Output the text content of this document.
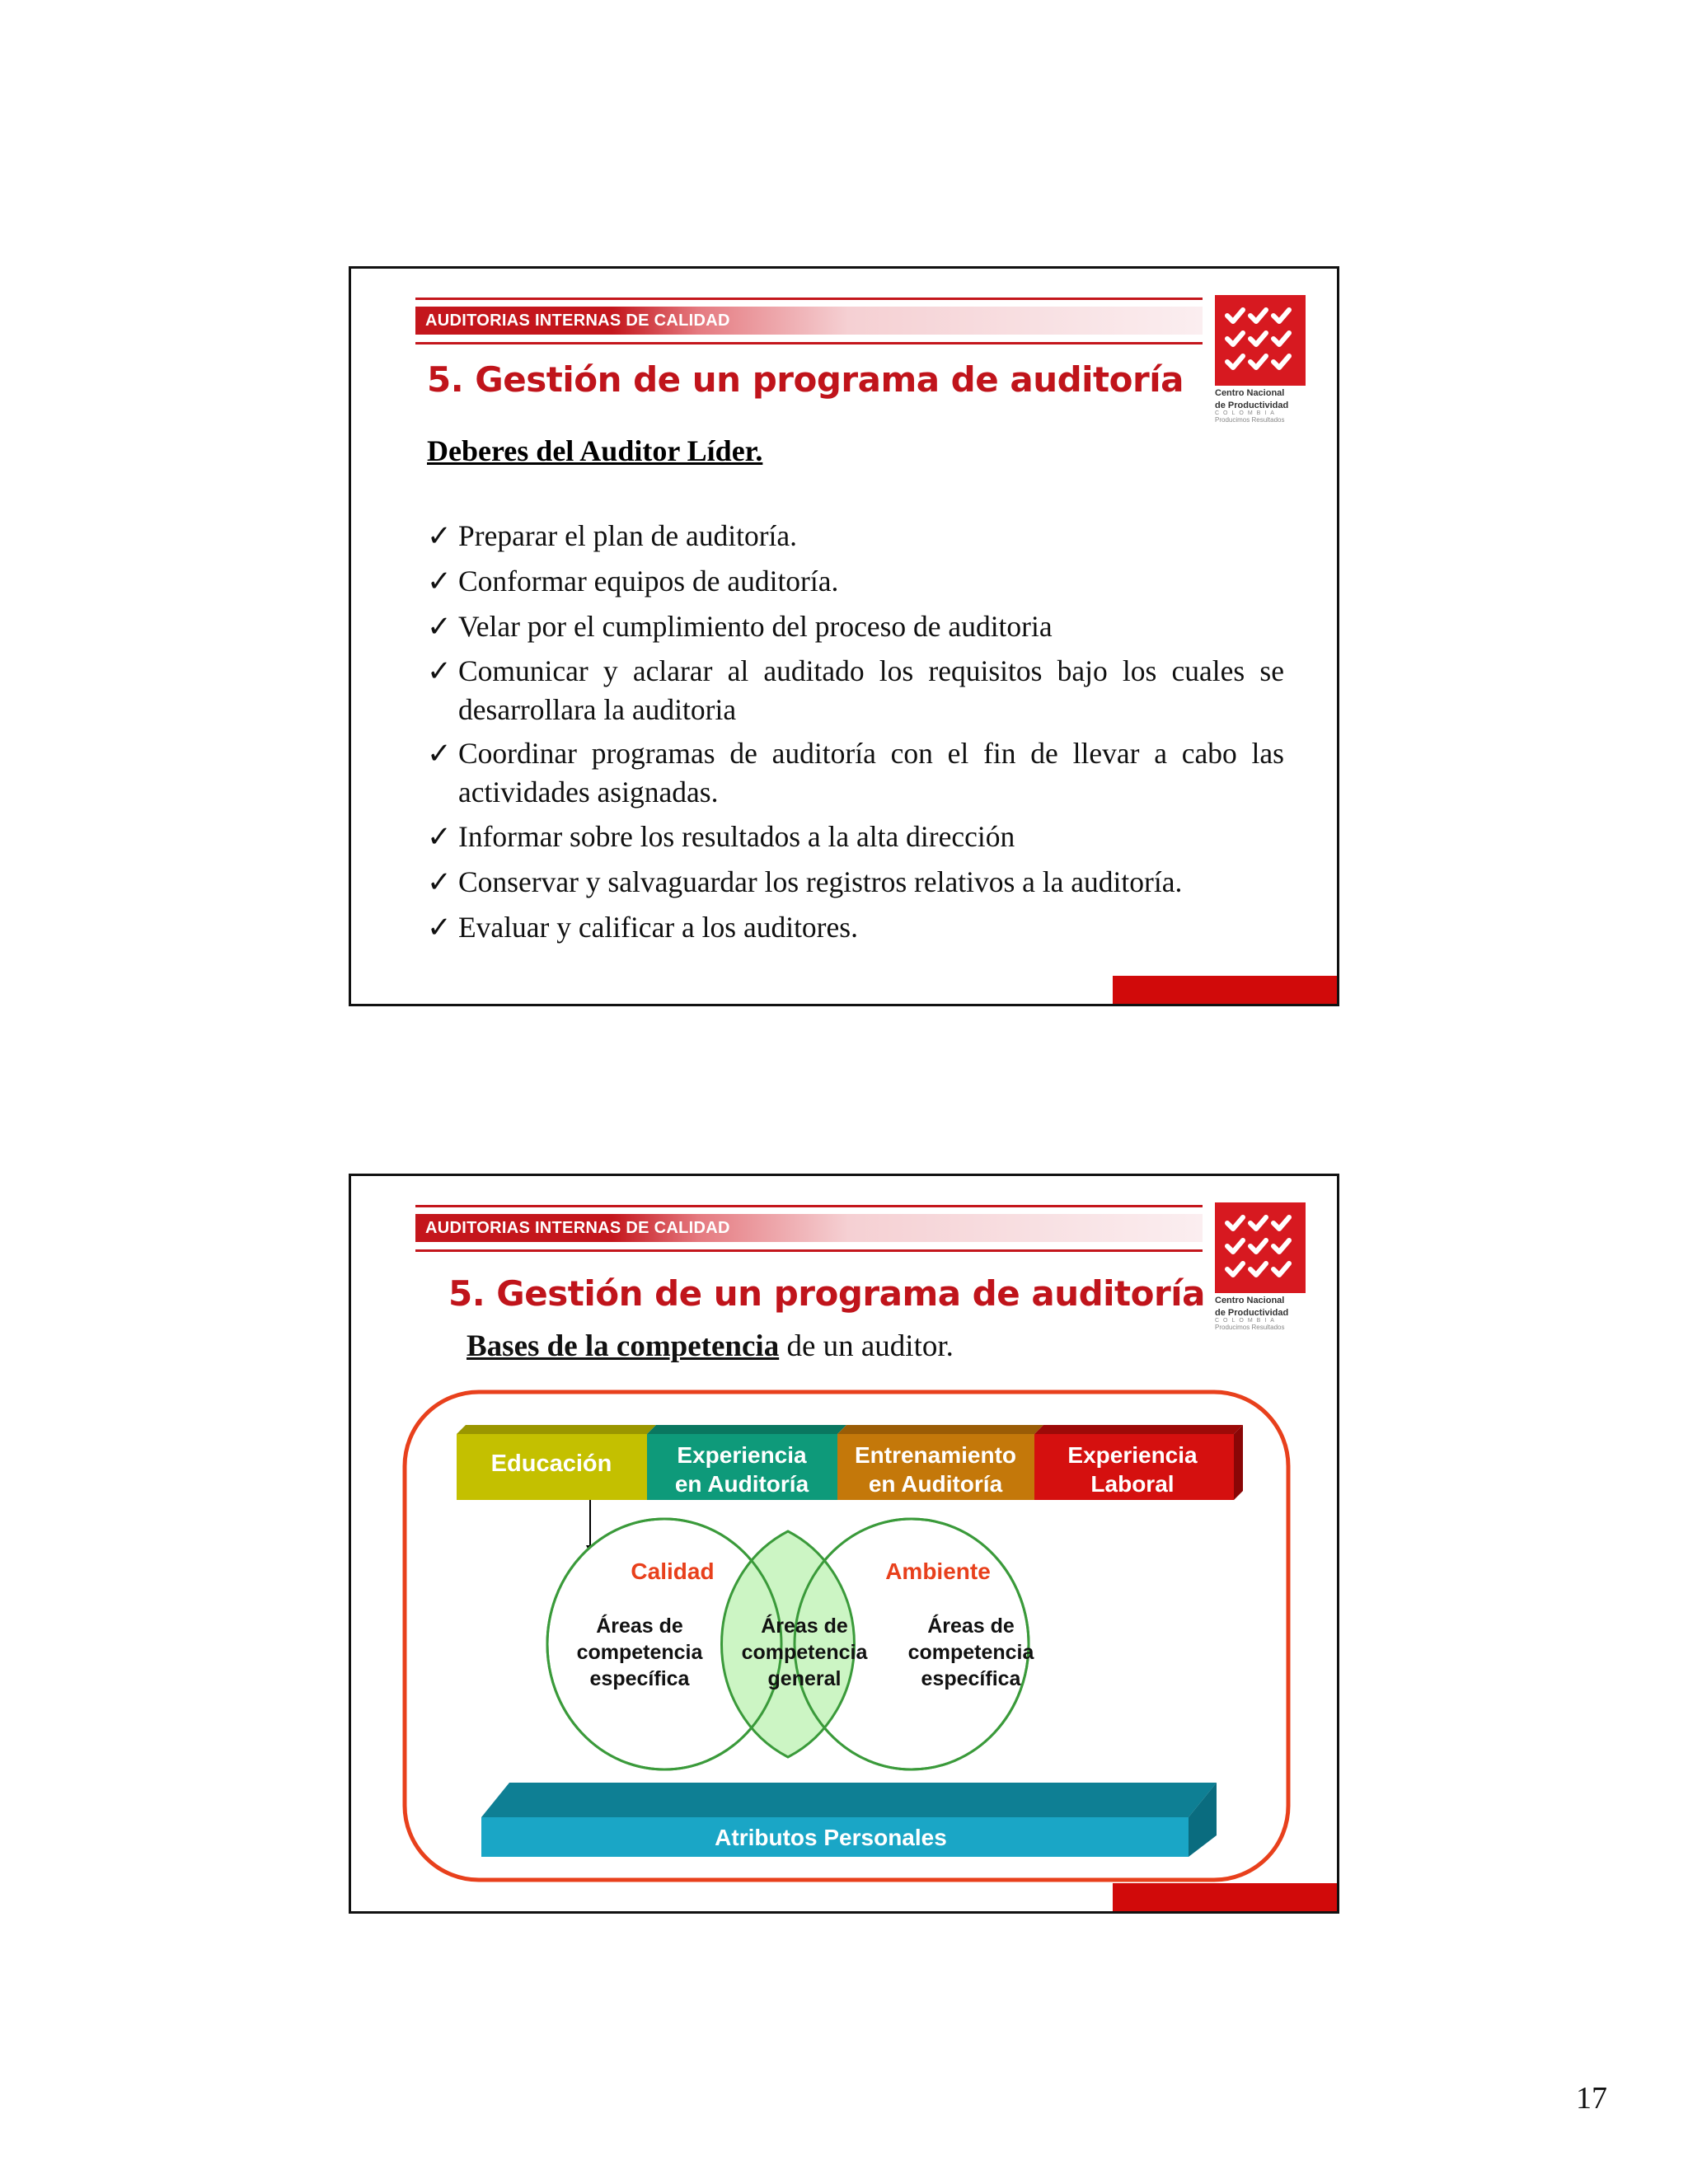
AUDITORIAS INTERNAS DE CALIDAD
Centro Nacional
de Productividad
COLOMBIA
Producimos Resultados
5. Gestión de un programa de auditoría
Deberes del Auditor Líder.
✓ Preparar el plan de auditoría.
✓ Conformar equipos de auditoría.
✓ Velar por el cumplimiento del proceso de auditoria
✓ Comunicar y aclarar al auditado los requisitos bajo los cuales se desarrollara la auditoria
✓ Coordinar programas de auditoría con el fin de llevar a cabo las actividades asignadas.
✓ Informar sobre los resultados a la alta dirección
✓ Conservar y salvaguardar los registros relativos a la auditoría.
✓ Evaluar y calificar a los auditores.
AUDITORIAS INTERNAS DE CALIDAD
Centro Nacional
de Productividad
COLOMBIA
Producimos Resultados
5. Gestión de un programa de auditoría
Bases de la competencia de un auditor.
Educación	Experiencia
en Auditoría
Entrenamiento
en Auditoría
Experiencia
Laboral
Calidad	Ambiente
Áreas de
competencia
específica
Áreas de
competencia
general
Áreas de
competencia
específica
Atributos Personales
17
